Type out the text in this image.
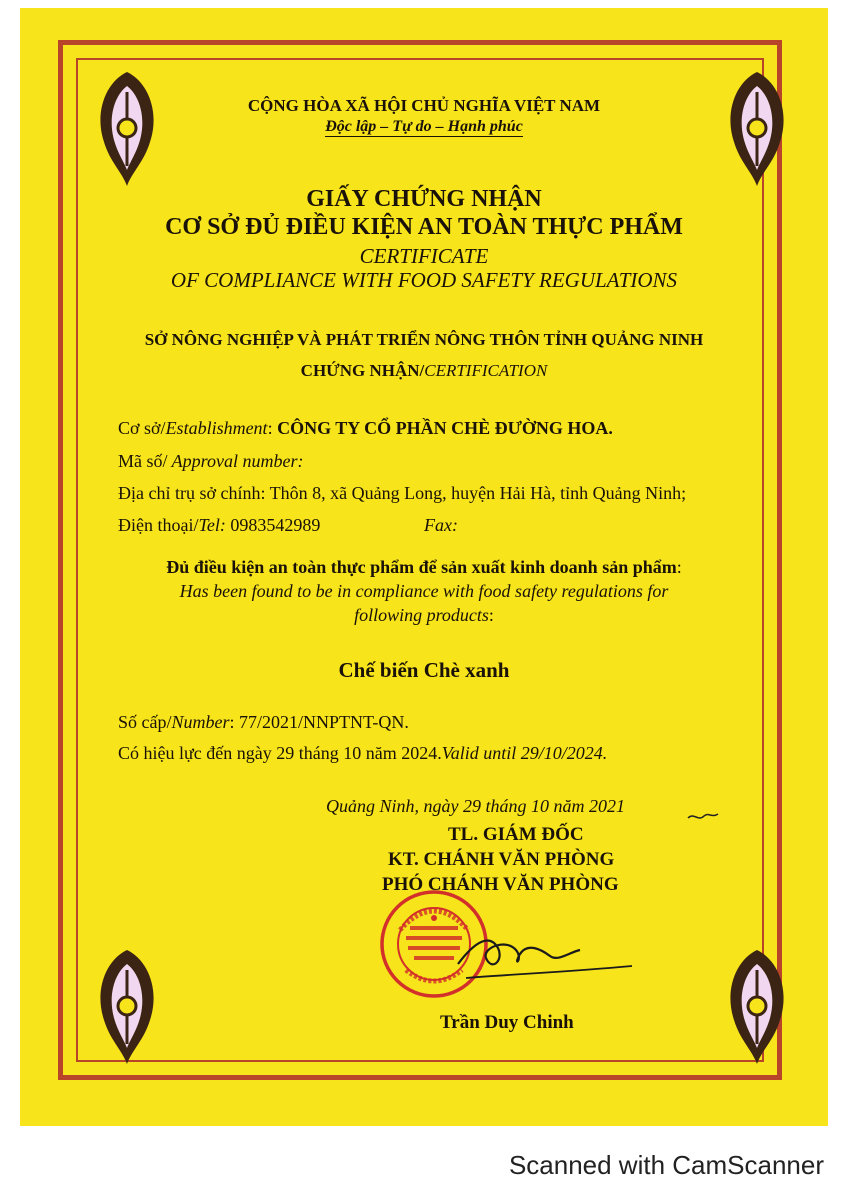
CỘNG HÒA XÃ HỘI CHỦ NGHĨA VIỆT NAM
Độc lập – Tự do – Hạnh phúc
GIẤY CHỨNG NHẬN
CƠ SỞ ĐỦ ĐIỀU KIỆN AN TOÀN THỰC PHẨM
CERTIFICATE
OF COMPLIANCE WITH FOOD SAFETY REGULATIONS
SỞ NÔNG NGHIỆP VÀ PHÁT TRIỂN NÔNG THÔN TỈNH QUẢNG NINH
CHỨNG NHẬN/CERTIFICATION
Cơ sở/Establishment: CÔNG TY CỔ PHẦN CHÈ ĐƯỜNG HOA.
Mã số/ Approval number:
Địa chỉ trụ sở chính: Thôn 8, xã Quảng Long, huyện Hải Hà, tỉnh Quảng Ninh;
Điện thoại/Tel: 0983542989	Fax:
Đủ điều kiện an toàn thực phẩm để sản xuất kinh doanh sản phẩm:
Has been found to be in compliance with food safety regulations for
following products:
Chế biến Chè xanh
Số cấp/Number: 77/2021/NNPTNT-QN.
Có hiệu lực đến ngày 29 tháng 10 năm 2024.Valid until 29/10/2024.
Quảng Ninh, ngày 29 tháng 10 năm 2021
TL. GIÁM ĐỐC
KT. CHÁNH VĂN PHÒNG
PHÓ CHÁNH VĂN PHÒNG
Trần Duy Chinh
Scanned with CamScanner
